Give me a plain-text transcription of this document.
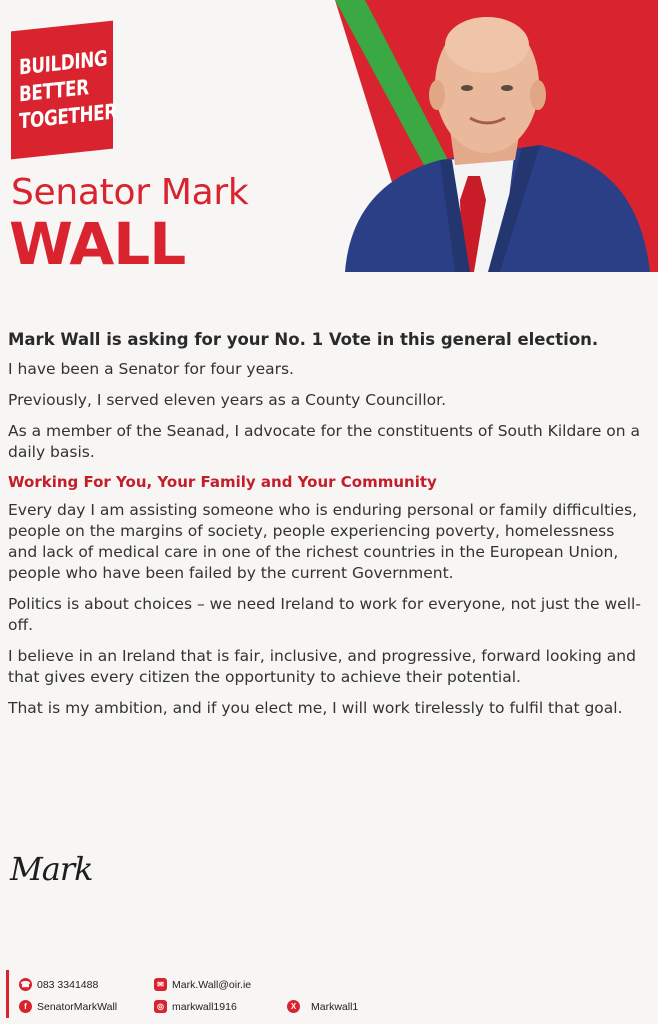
BUILDING
BETTER
TOGETHER
Senator Mark
WALL

Mark Wall is asking for your No. 1 Vote in this general election.

I have been a Senator for four years.

Previously, I served eleven years as a County Councillor.

As a member of the Seanad, I advocate for the constituents of South Kildare on a daily basis.

Working For You, Your Family and Your Community

Every day I am assisting someone who is enduring personal or family difficulties, people on the margins of society, people experiencing poverty, homelessness and lack of medical care in one of the richest countries in the European Union, people who have been failed by the current Government.

Politics is about choices – we need Ireland to work for everyone, not just the well-off.

I believe in an Ireland that is fair, inclusive, and progressive, forward looking and that gives every citizen the opportunity to achieve their potential.

That is my ambition, and if you elect me, I will work tirelessly to fulfil that goal.

Mark
☎ 083 3341488	✉ Mark.Wall@oir.ie
f SenatorMarkWall	◎ markwall1916	X	Markwall1
